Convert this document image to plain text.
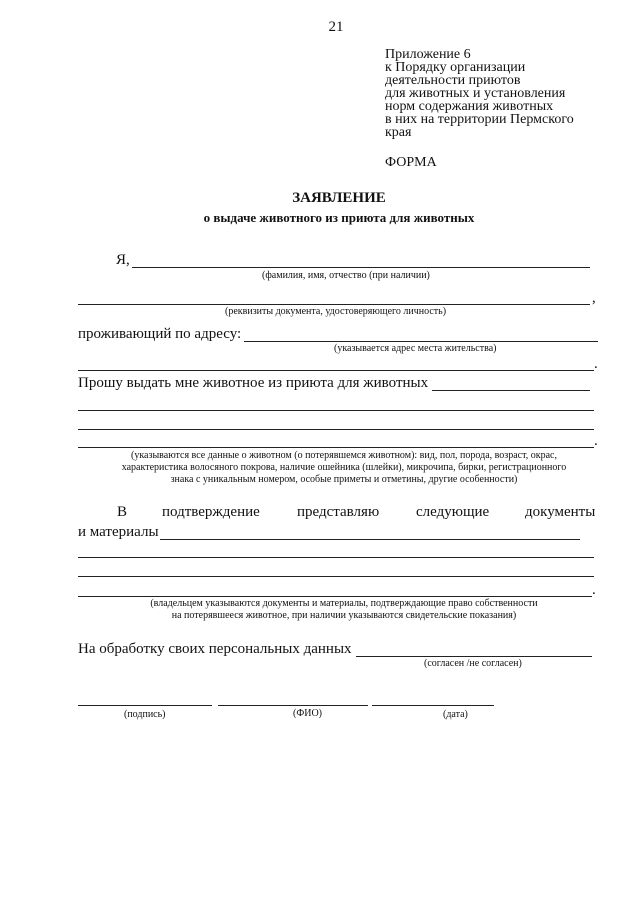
21
Приложение 6
к Порядку организации
деятельности приютов
для животных и установления
норм содержания животных
в них на территории Пермского
края
ФОРМА
ЗАЯВЛЕНИЕ
о выдаче животного из приюта для животных
Я,
(фамилия, имя, отчество (при наличии)
,
(реквизиты документа, удостоверяющего личность)
проживающий по адресу:
(указывается адрес места жительства)
.
Прошу выдать мне животное из приюта для животных
.
(указываются все данные о животном (о потерявшемся животном): вид, пол, порода, возраст, окрас,
характеристика волосяного покрова, наличие ошейника (шлейки), микрочипа, бирки, регистрационного
знака с уникальным номером, особые приметы и отметины, другие особенности)
В подтверждение представляю следующие документы
и материалы
.
(владельцем указываются документы и материалы, подтверждающие право собственности
на потерявшееся животное, при наличии указываются свидетельские показания)
На обработку своих персональных данных
(согласен /не согласен)
(подпись)	(ФИО)	(дата)
